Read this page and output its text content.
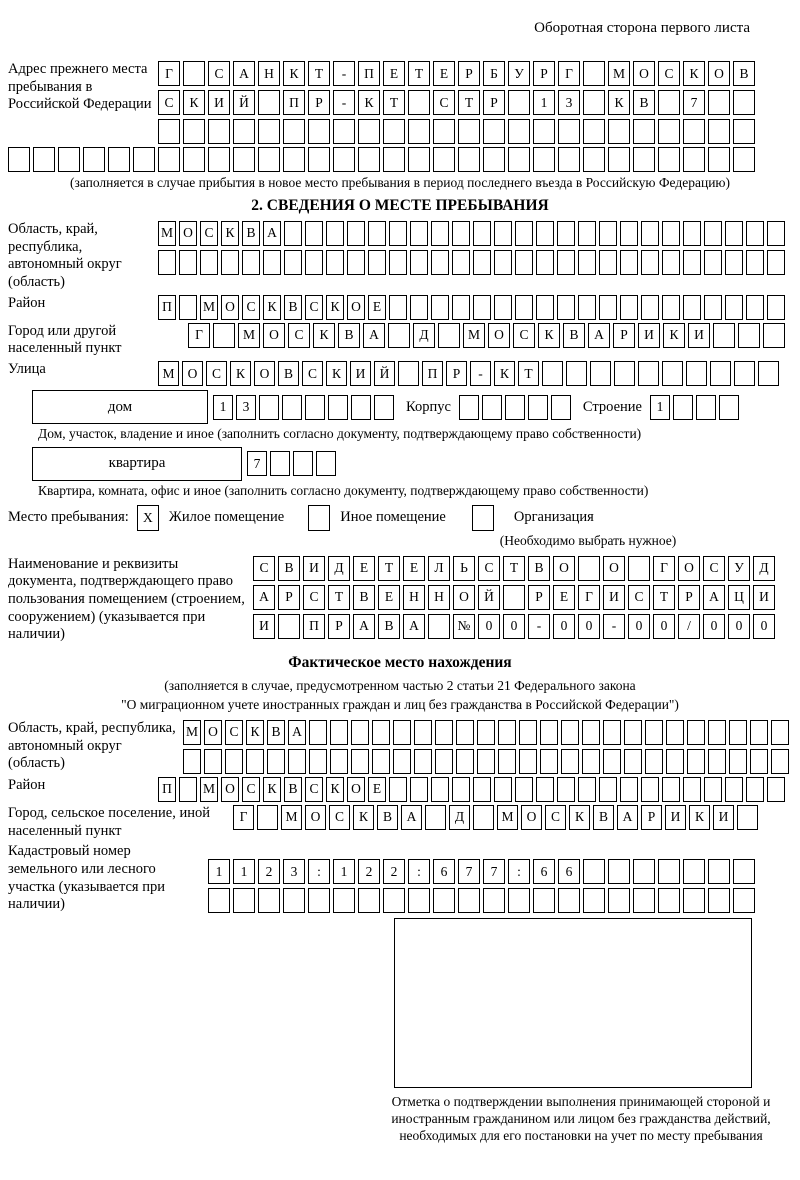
Оборотная сторона первого листа
Адрес прежнего места пребывания в Российской Федерации
Г	С	А	Н	К	Т	-	П	Е	Т	Е	Р	Б	У	Р	Г	М	О	С	К	О	В
С	К	И	Й	П	Р	-	К	Т	С	Т	Р	1	3	К	В	7
(заполняется в случае прибытия в новое место пребывания в период последнего въезда в Российскую Федерацию)
2. СВЕДЕНИЯ О МЕСТЕ ПРЕБЫВАНИЯ
Область, край, республика, автономный округ (область)
М О С К В А
Район	П	М О С К В С К О Е
Город или другой населенный пункт
Г	М	О	С	К	В	А	Д	М	О	С	К	В	А	Р	И	К	И
Улица	М О	С	К	О	В	С	К	И	Й	П	Р	-	К	Т
дом	1	3	Корпус	Строение	1
Дом, участок, владение и иное (заполнить согласно документу, подтверждающему право собственности)
квартира	7
Квартира, комната, офис и иное (заполнить согласно документу, подтверждающему право собственности)
Место пребывания:	X	Жилое помещение	Иное помещение	Организация
(Необходимо выбрать нужное)
Наименование и реквизиты документа, подтверждающего право пользования помещением (строением, сооружением) (указывается при наличии)
С	В	И	Д	Е	Т	Е	Л	Ь	С	Т	В	О	О	Г	О	С	У	Д
А	Р	С	Т	В	Е	Н	Н	О	Й	Р	Е	Г	И	С	Т	Р	А	Ц	И
И	П	Р	А	В	А	№	0	0	-	0	0	-	0	0	/	0	0	0
Фактическое место нахождения
(заполняется в случае, предусмотренном частью 2 статьи 21 Федерального закона
"О миграционном учете иностранных граждан и лиц без гражданства в Российской Федерации")
Область, край, республика, автономный округ (область)
М О С К В А
Район	П	М О С К В С К О Е
Город, сельское поселение, иной населенный пункт
Г	М О	С	К	В	А	Д	М О	С	К	В	А	Р	И	К	И
Кадастровый номер земельного или лесного участка (указывается при наличии)
1	1	2	3	:	1	2	2	:	6	7	7	:	6	6
Отметка о подтверждении выполнения принимающей стороной и иностранным гражданином или лицом без гражданства действий, необходимых для его постановки на учет по месту пребывания
